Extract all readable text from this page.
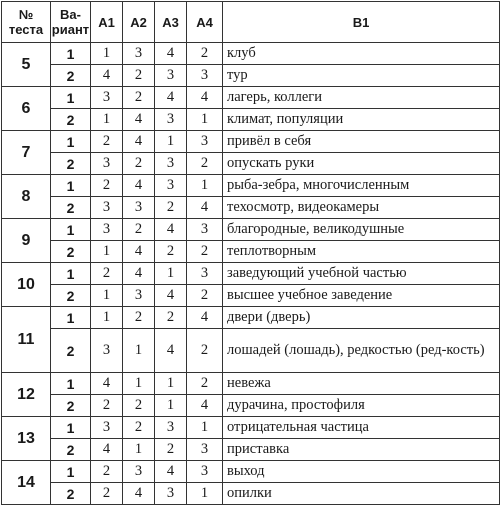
№ теста	Ва-риант	А1	А2	А3	А4	В1
5	1	1	3	4	2	клуб
	2	4	2	3	3	тур
6	1	3	2	4	4	лагерь, коллеги
	2	1	4	3	1	климат, популяции
7	1	2	4	1	3	привёл в себя
	2	3	2	3	2	опускать руки
8	1	2	4	3	1	рыба-зебра, многочисленным
	2	3	3	2	4	техосмотр, видеокамеры
9	1	3	2	4	3	благородные, великодушные
	2	1	4	2	2	теплотворным
10	1	2	4	1	3	заведующий учебной частью
	2	1	3	4	2	высшее учебное заведение
11	1	1	2	2	4	двери (дверь)
	2	3	1	4	2	лошадей (лошадь), редкостью (ред-кость)
12	1	4	1	1	2	невежа
	2	2	2	1	4	дурачина, простофиля
13	1	3	2	3	1	отрицательная частица
	2	4	1	2	3	приставка
14	1	2	3	4	3	выход
	2	2	4	3	1	опилки
